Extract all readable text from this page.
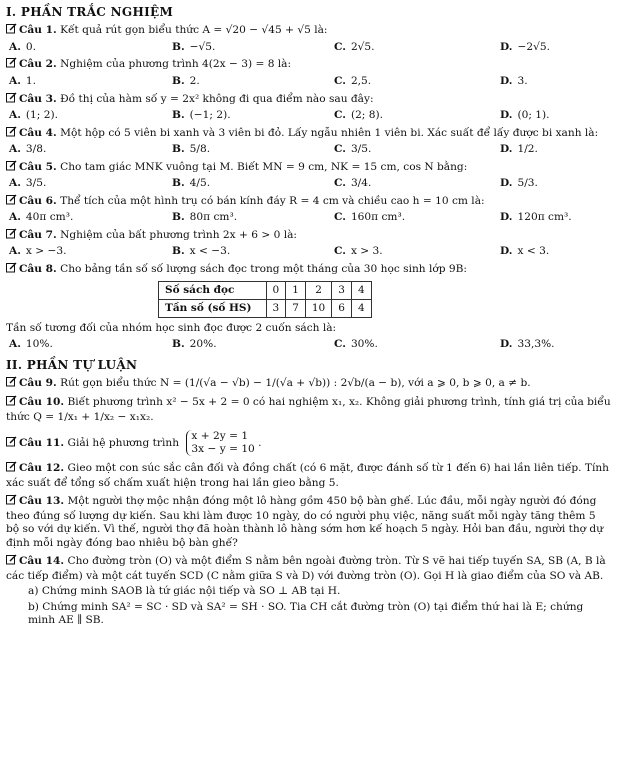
I. PHẦN TRẮC NGHIỆM
Câu 1. Kết quả rút gọn biểu thức A = √20 − √45 + √5 là:
A. 0.	B. −√5.	C. 2√5.	D. −2√5.
Câu 2. Nghiệm của phương trình 4(2x − 3) = 8 là:
A. 1.	B. 2.	C. 2,5.	D. 3.
Câu 3. Đồ thị của hàm số y = 2x² không đi qua điểm nào sau đây:
A. (1; 2).	B. (−1; 2).	C. (2; 8).	D. (0; 1).
Câu 4. Một hộp có 5 viên bi xanh và 3 viên bi đỏ. Lấy ngẫu nhiên 1 viên bi. Xác suất để lấy được bi xanh là:
A. 3/8.	B. 5/8.	C. 3/5.	D. 1/2.
Câu 5. Cho tam giác MNK vuông tại M. Biết MN = 9 cm, NK = 15 cm, cos N bằng:
A. 3/5.	B. 4/5.	C. 3/4.	D. 5/3.
Câu 6. Thể tích của một hình trụ có bán kính đáy R = 4 cm và chiều cao h = 10 cm là:
A. 40π cm³.	B. 80π cm³.	C. 160π cm³.	D. 120π cm³.
Câu 7. Nghiệm của bất phương trình 2x + 6 > 0 là:
A. x > −3.	B. x < −3.	C. x > 3.	D. x < 3.
Câu 8. Cho bảng tần số số lượng sách đọc trong một tháng của 30 học sinh lớp 9B:
Số sách đọc	0	1	2	3	4
Tần số (số HS)	3	7	10	6	4
Tần số tương đối của nhóm học sinh đọc được 2 cuốn sách là:
A. 10%.	B. 20%.	C. 30%.	D. 33,3%.
II. PHẦN TỰ LUẬN
Câu 9. Rút gọn biểu thức N = (1/(√a − √b) − 1/(√a + √b)) : 2√b/(a − b), với a ⩾ 0, b ⩾ 0, a ≠ b.
Câu 10. Biết phương trình x² − 5x + 2 = 0 có hai nghiệm x₁, x₂. Không giải phương trình, tính giá trị của biểu thức Q = 1/x₁ + 1/x₂ − x₁x₂.
Câu 11. Giải hệ phương trình x + 2y = 1
3x − y = 10 .
Câu 12. Gieo một con súc sắc cân đối và đồng chất (có 6 mặt, được đánh số từ 1 đến 6) hai lần liên tiếp. Tính xác suất để tổng số chấm xuất hiện trong hai lần gieo bằng 5.
Câu 13. Một người thợ mộc nhận đóng một lô hàng gồm 450 bộ bàn ghế. Lúc đầu, mỗi ngày người đó đóng theo đúng số lượng dự kiến. Sau khi làm được 10 ngày, do có người phụ việc, năng suất mỗi ngày tăng thêm 5 bộ so với dự kiến. Vì thế, người thợ đã hoàn thành lô hàng sớm hơn kế hoạch 5 ngày. Hỏi ban đầu, người thợ dự định mỗi ngày đóng bao nhiêu bộ bàn ghế?
Câu 14. Cho đường tròn (O) và một điểm S nằm bên ngoài đường tròn. Từ S vẽ hai tiếp tuyến SA, SB (A, B là các tiếp điểm) và một cát tuyến SCD (C nằm giữa S và D) với đường tròn (O). Gọi H là giao điểm của SO và AB.
a) Chứng minh SAOB là tứ giác nội tiếp và SO ⊥ AB tại H.
b) Chứng minh SA² = SC · SD và SA² = SH · SO. Tia CH cắt đường tròn (O) tại điểm thứ hai là E; chứng minh AE ∥ SB.
